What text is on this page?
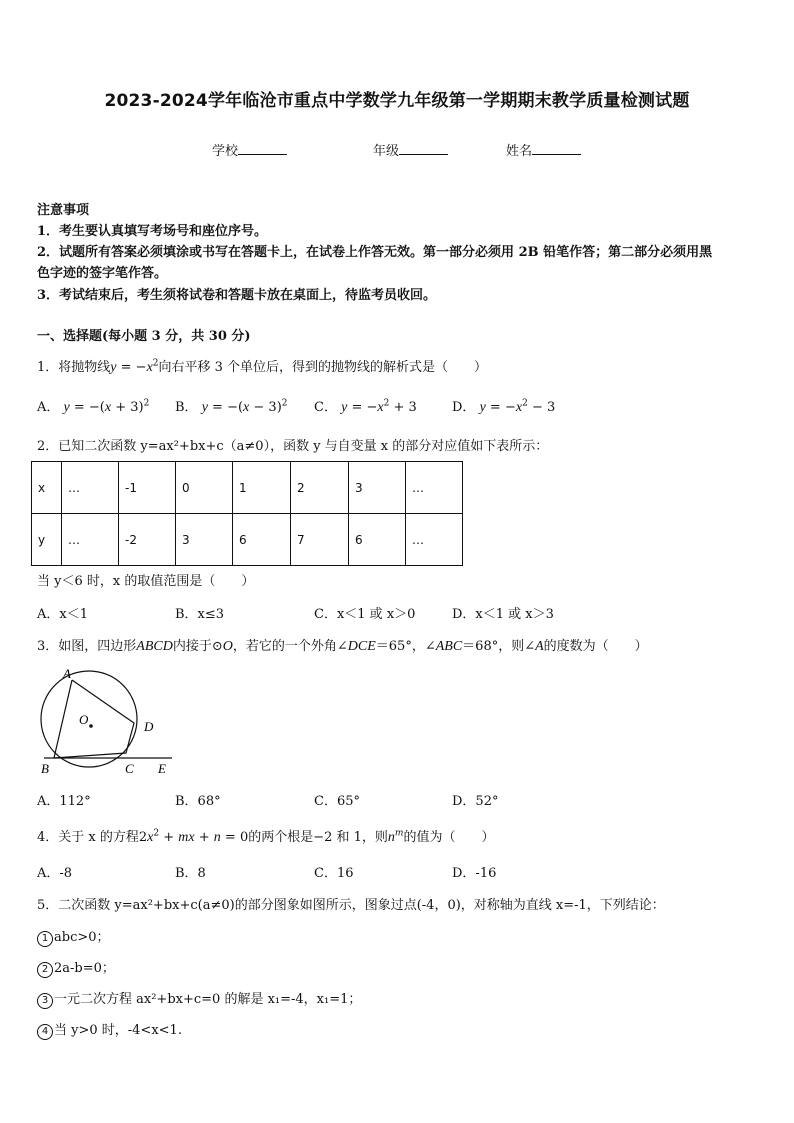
2023-2024学年临沧市重点中学数学九年级第一学期期末教学质量检测试题
学校	年级	姓名
注意事项
1．考生要认真填写考场号和座位序号。
2．试题所有答案必须填涂或书写在答题卡上，在试卷上作答无效。第一部分必须用 2B 铅笔作答；第二部分必须用黑
色字迹的签字笔作答。
3．考试结束后，考生须将试卷和答题卡放在桌面上，待监考员收回。
一、选择题(每小题 3 分，共 30 分)
1．将抛物线$y = -x^2$向右平移 3 个单位后，得到的抛物线的解析式是（　　）
A． $y = -(x + 3)^2$ B． $y = -(x - 3)^2$ C． $y = -x^2 + 3$	D． $y = -x^2 - 3$
2．已知二次函数 y=ax²+bx+c（a≠0），函数 y 与自变量 x 的部分对应值如下表所示：
x	…	-1	0	1	2	3	…
y	…	-2	3	6	7	6	…
当 y＜6 时，x 的取值范围是（　　）
A．x＜1	B．x≤3	C．x＜1 或 x＞0	D．x＜1 或 x＞3
3．如图，四边形ABCD内接于⊙O，若它的一个外角∠DCE＝65°，∠ABC＝68°，则∠A的度数为（　　）
A
O	D
B	C E
A．112°	B．68°	C．65°	D．52°
4．关于 x 的方程$2x^2$ + mx + n = 0的两个根是−2 和 1，则$n^m$的值为（　　）
A．-8	B．8	C．16	D．-16
5．二次函数 y=ax²+bx+c(a≠0)的部分图象如图所示，图象过点(-4，0)，对称轴为直线 x=-1，下列结论：
1 abc>0；
2 2a-b=0；
3 一元二次方程 ax²+bx+c=0 的解是 x₁=-4，x₁=1；
4 当 y>0 时，-4<x<1.
